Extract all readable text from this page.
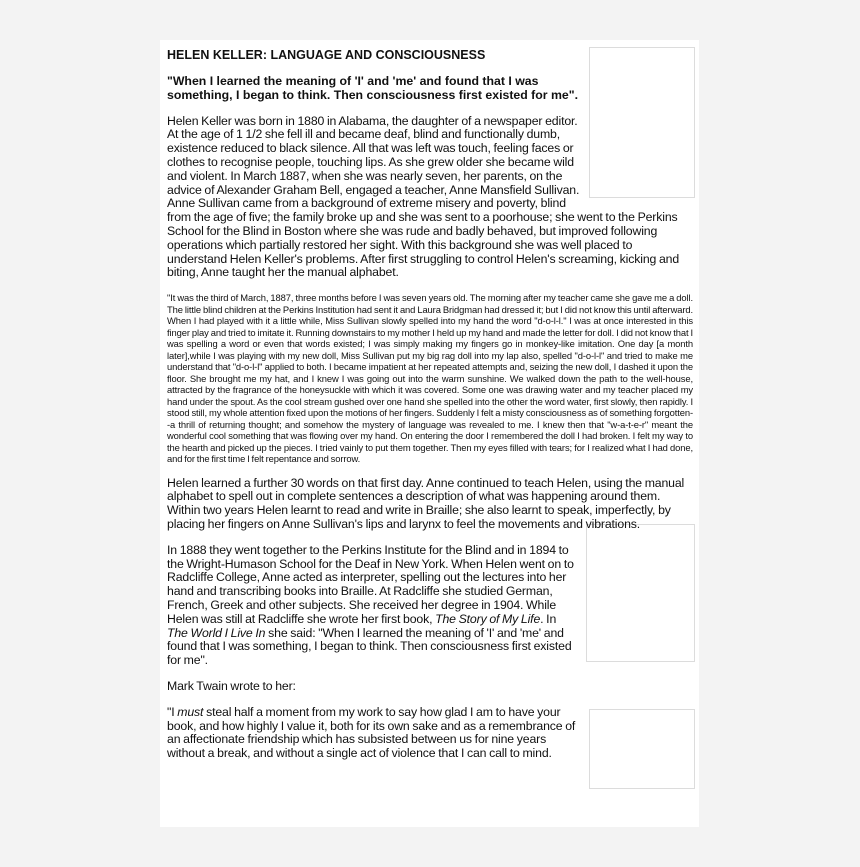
HELEN KELLER: LANGUAGE AND CONSCIOUSNESS

"When I learned the meaning of 'I' and 'me' and found that I was something, I began to think. Then consciousness first existed for me".

Helen Keller was born in 1880 in Alabama, the daughter of a newspaper editor. At the age of 1 1/2 she fell ill and became deaf, blind and functionally dumb, existence reduced to black silence. All that was left was touch, feeling faces or clothes to recognise people, touching lips. As she grew older she became wild and violent. In March 1887, when she was nearly seven, her parents, on the advice of Alexander Graham Bell, engaged a teacher, Anne Mansfield Sullivan. Anne Sullivan came from a background of extreme misery and poverty, blind from the age of five; the family broke up and she was sent to a poorhouse; she went to the Perkins School for the Blind in Boston where she was rude and badly behaved, but improved following operations which partially restored her sight. With this background she was well placed to understand Helen Keller's problems. After first struggling to control Helen's screaming, kicking and biting, Anne taught her the manual alphabet.

"It was the third of March, 1887, three months before I was seven years old. The morning after my teacher came she gave me a doll. The little blind children at the Perkins Institution had sent it and Laura Bridgman had dressed it; but I did not know this until afterward. When I had played with it a little while, Miss Sullivan slowly spelled into my hand the word "d-o-l-l." I was at once interested in this finger play and tried to imitate it. Running downstairs to my mother I held up my hand and made the letter for doll. I did not know that I was spelling a word or even that words existed; I was simply making my fingers go in monkey-like imitation. One day [a month later],while I was playing with my new doll, Miss Sullivan put my big rag doll into my lap also, spelled "d-o-l-l" and tried to make me understand that "d-o-l-l" applied to both. I became impatient at her repeated attempts and, seizing the new doll, I dashed it upon the floor. She brought me my hat, and I knew I was going out into the warm sunshine. We walked down the path to the well-house, attracted by the fragrance of the honeysuckle with which it was covered. Some one was drawing water and my teacher placed my hand under the spout. As the cool stream gushed over one hand she spelled into the other the word water, first slowly, then rapidly. I stood still, my whole attention fixed upon the motions of her fingers. Suddenly I felt a misty consciousness as of something forgotten--a thrill of returning thought; and somehow the mystery of language was revealed to me. I knew then that "w-a-t-e-r" meant the wonderful cool something that was flowing over my hand. On entering the door I remembered the doll I had broken. I felt my way to the hearth and picked up the pieces. I tried vainly to put them together. Then my eyes filled with tears; for I realized what I had done, and for the first time I felt repentance and sorrow.

Helen learned a further 30 words on that first day. Anne continued to teach Helen, using the manual alphabet to spell out in complete sentences a description of what was happening around them. Within two years Helen learnt to read and write in Braille; she also learnt to speak, imperfectly, by placing her fingers on Anne Sullivan's lips and larynx to feel the movements and vibrations.

In 1888 they went together to the Perkins Institute for the Blind and in 1894 to the Wright-Humason School for the Deaf in New York. When Helen went on to Radcliffe College, Anne acted as interpreter, spelling out the lectures into her hand and transcribing books into Braille. At Radcliffe she studied German, French, Greek and other subjects. She received her degree in 1904. While Helen was still at Radcliffe she wrote her first book, The Story of My Life. In The World I Live In she said: "When I learned the meaning of 'I' and 'me' and found that I was something, I began to think. Then consciousness first existed for me".

Mark Twain wrote to her:

"I must steal half a moment from my work to say how glad I am to have your book, and how highly I value it, both for its own sake and as a remembrance of an affectionate friendship which has subsisted between us for nine years without a break, and without a single act of violence that I can call to mind.
